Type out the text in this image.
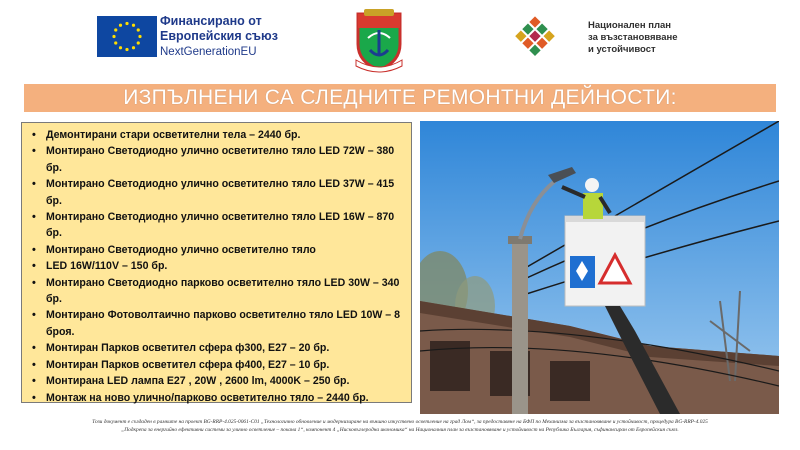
Финансирано от
Европейския съюз
NextGenerationEU
Национален план
за възстановяване
и устойчивост
ИЗПЪЛНЕНИ СА СЛЕДНИТЕ РЕМОНТНИ ДЕЙНОСТИ:
• Демонтирани стари осветителни тела – 2440 бр.
• Монтирано Светодиодно улично осветително тяло LED 72W – 380 бр.
• Монтирано Светодиодно улично осветително тяло LED 37W – 415 бр.
• Монтирано Светодиодно улично осветително тяло LED 16W – 870 бр.
• Монтирано Светодиодно улично осветително тяло
• LED 16W/110V – 150 бр.
• Монтирано Светодиодно парково осветително тяло LED 30W – 340 бр.
• Монтирано Фотоволтаично парково осветително тяло LED 10W – 8 броя.
• Монтиран Парков осветител сфера ф300, Е27 – 20 бр.
• Монтиран Парков осветител сфера ф400, Е27 – 10 бр.
• Монтирана LED лампа E27 , 20W , 2600 lm, 4000K – 250 бр.
• Монтаж на ново улично/парково осветително тяло – 2440 бр.
Този документ е създаден в рамките на проект BG-RRP-4.025-0061-C01 „Технологично обновление и модернизиране на външно изкуствено осветление на град Лом“, за предоставяне на БФП по Механизма за възстановяване и устойчивост, процедура BG-RRP-4.025
„Подкрепа за енергийно ефективни системи за улично осветление – покана 1“, компонент 4 „Нисковъглеродна икономика“ на Националния план за възстановяване и устойчивост на Република България, съфинансиран от Европейския съюз.
